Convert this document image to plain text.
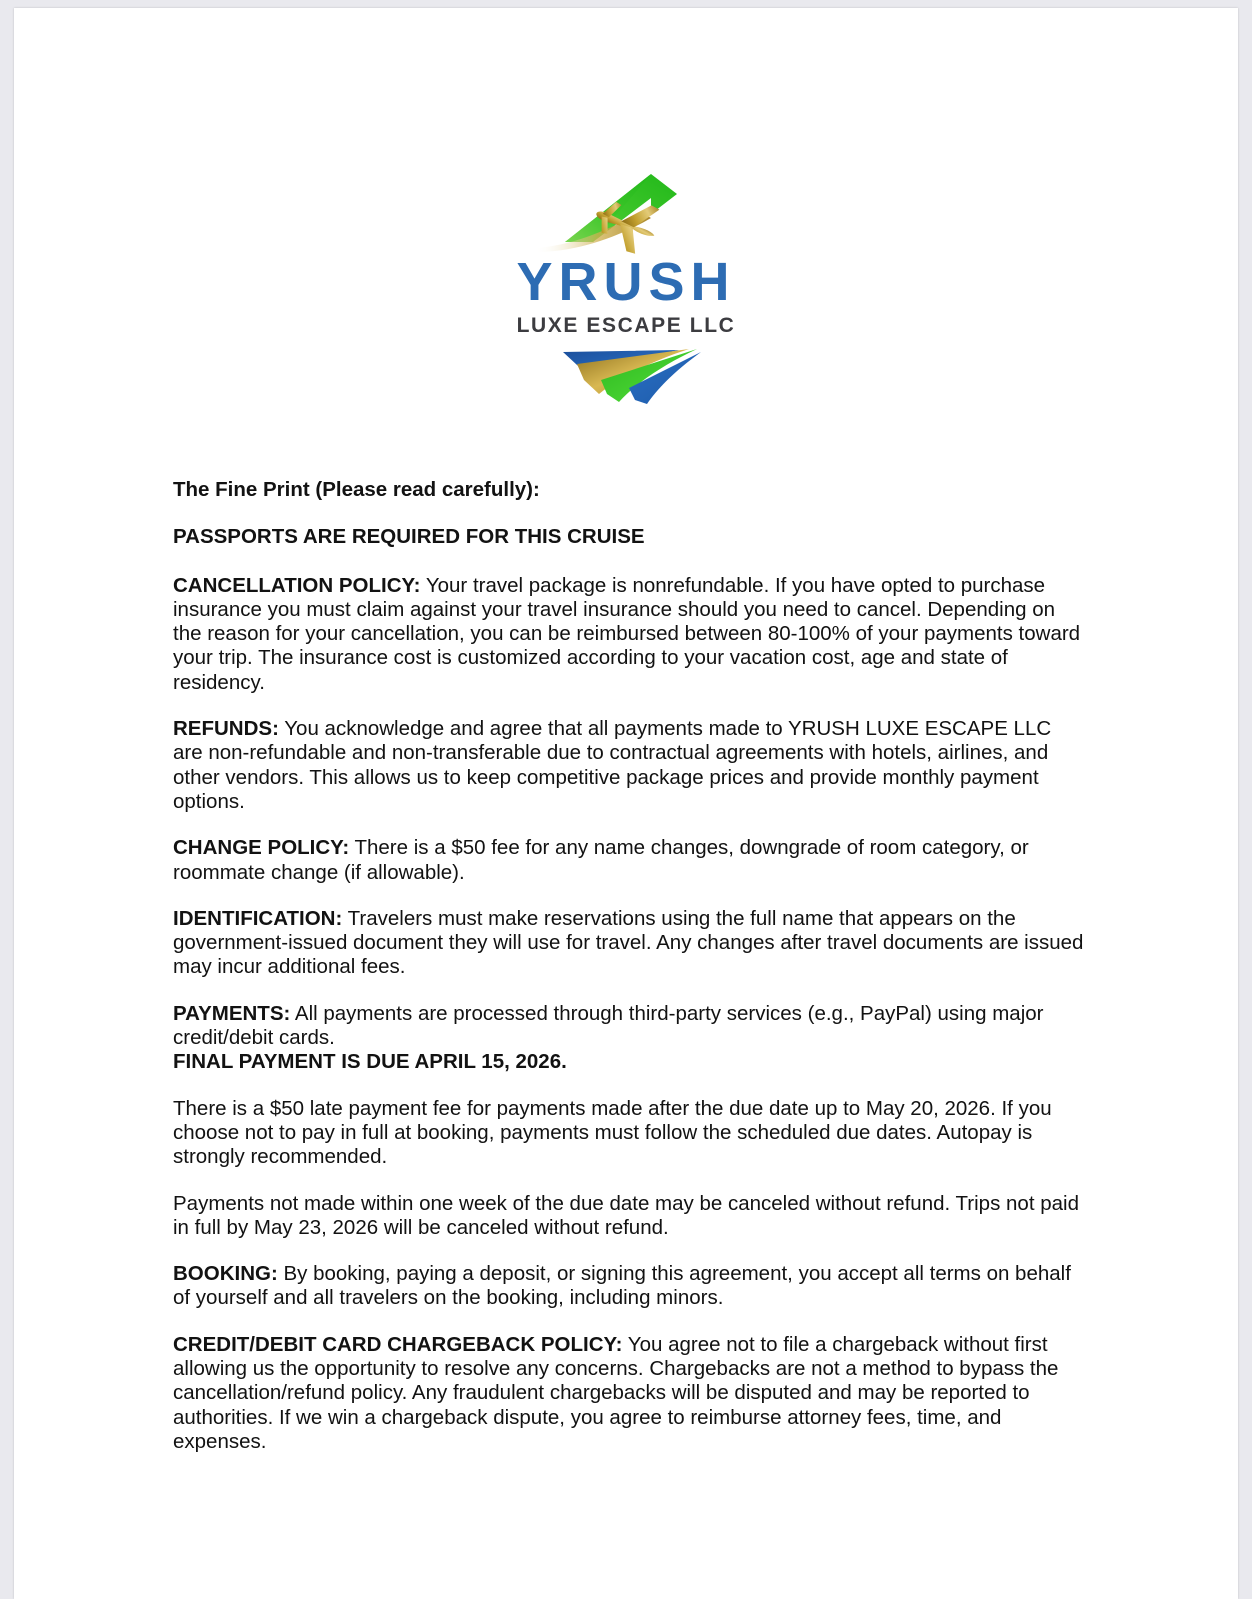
YRUSH
LUXE ESCAPE LLC

The Fine Print (Please read carefully):

PASSPORTS ARE REQUIRED FOR THIS CRUISE

CANCELLATION POLICY: Your travel package is nonrefundable. If you have opted to purchase insurance you must claim against your travel insurance should you need to cancel. Depending on the reason for your cancellation, you can be reimbursed between 80-100% of your payments toward your trip. The insurance cost is customized according to your vacation cost, age and state of residency.

REFUNDS: You acknowledge and agree that all payments made to YRUSH LUXE ESCAPE LLC are non-refundable and non-transferable due to contractual agreements with hotels, airlines, and other vendors. This allows us to keep competitive package prices and provide monthly payment options.

CHANGE POLICY: There is a $50 fee for any name changes, downgrade of room category, or roommate change (if allowable).

IDENTIFICATION: Travelers must make reservations using the full name that appears on the government-issued document they will use for travel. Any changes after travel documents are issued may incur additional fees.

PAYMENTS: All payments are processed through third-party services (e.g., PayPal) using major credit/debit cards.

FINAL PAYMENT IS DUE APRIL 15, 2026.

There is a $50 late payment fee for payments made after the due date up to May 20, 2026. If you choose not to pay in full at booking, payments must follow the scheduled due dates. Autopay is strongly recommended.

Payments not made within one week of the due date may be canceled without refund. Trips not paid in full by May 23, 2026 will be canceled without refund.

BOOKING: By booking, paying a deposit, or signing this agreement, you accept all terms on behalf of yourself and all travelers on the booking, including minors.

CREDIT/DEBIT CARD CHARGEBACK POLICY: You agree not to file a chargeback without first allowing us the opportunity to resolve any concerns. Chargebacks are not a method to bypass the cancellation/refund policy. Any fraudulent chargebacks will be disputed and may be reported to authorities. If we win a chargeback dispute, you agree to reimburse attorney fees, time, and expenses.
